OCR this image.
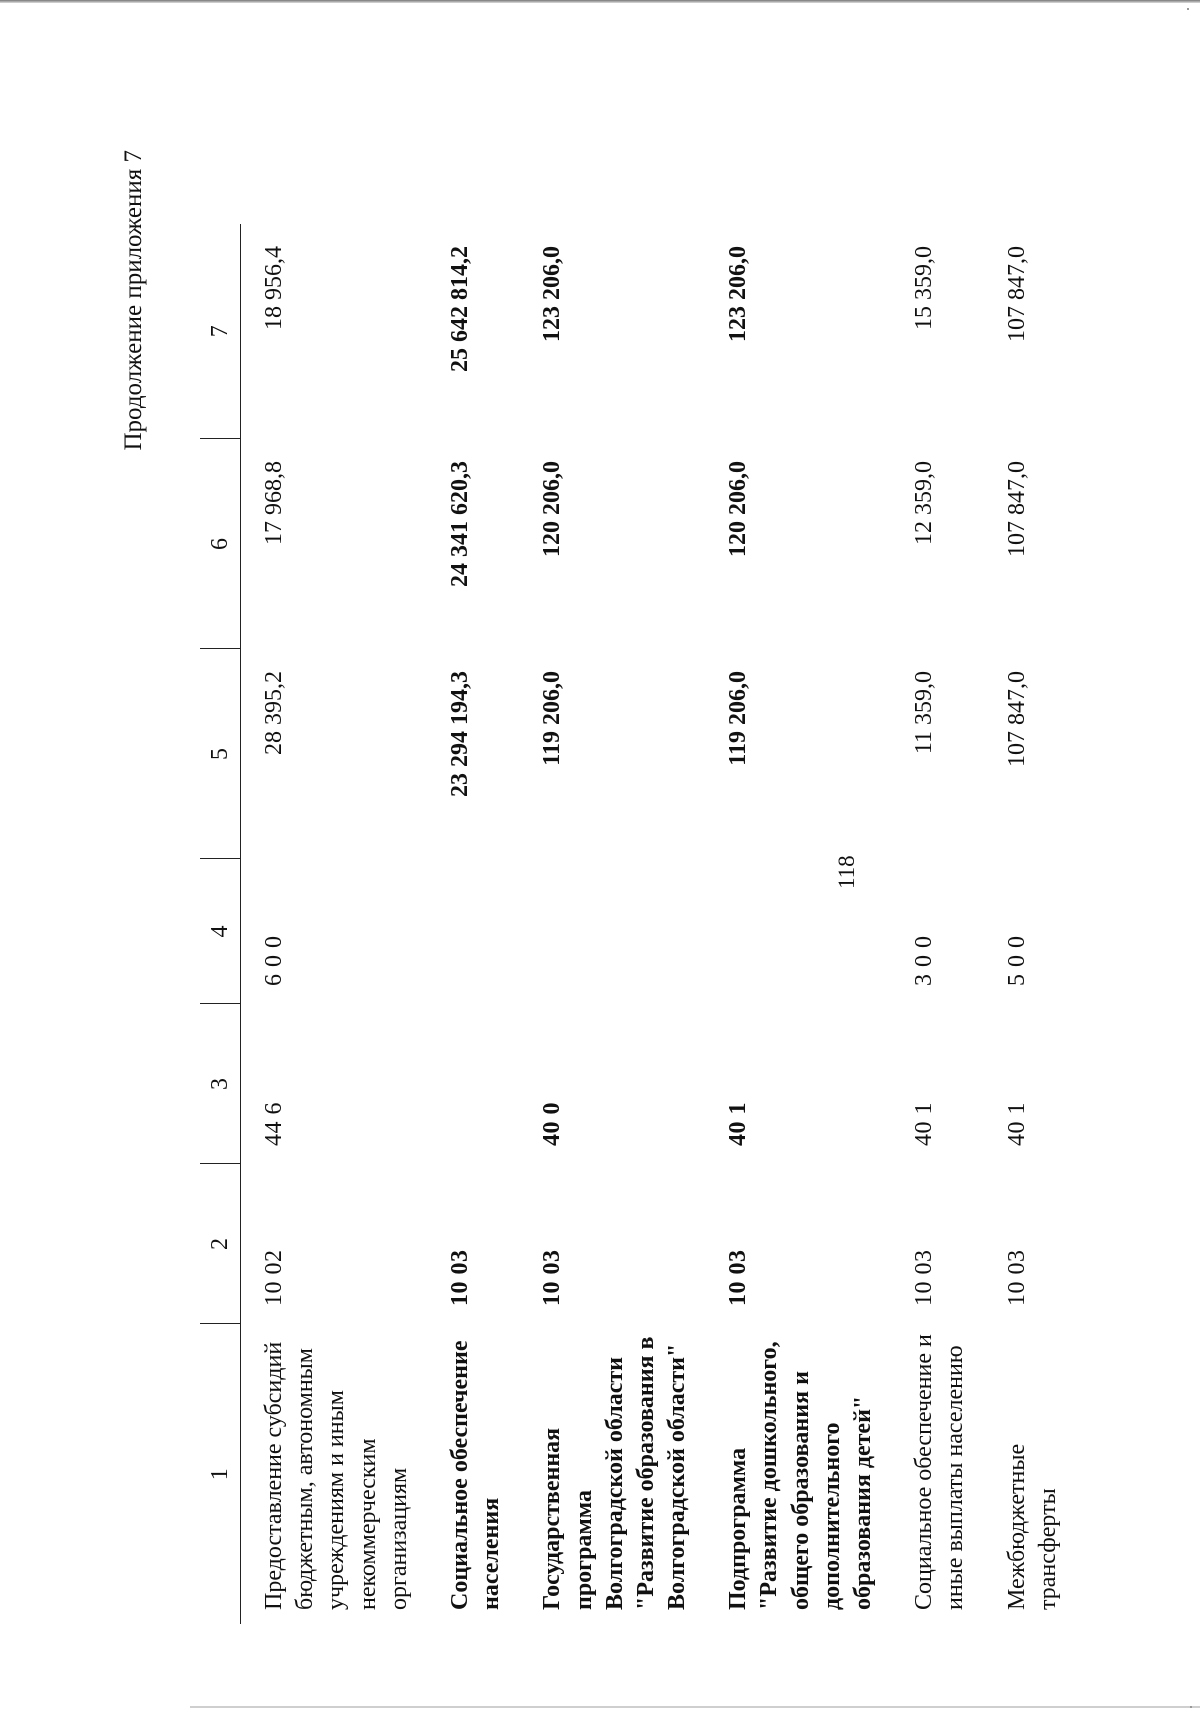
118
Продолжение приложения 7
1	2	3	4	5	6	7
Предоставление субсидий бюджетным, автономным учреждениям и иным некоммерческим организациям	10 02	44 6	6 0 0	28 395,2	17 968,8	18 956,4
Социальное обеспечение населения	10 03			23 294 194,3	24 341 620,3	25 642 814,2
Государственная программа Волгоградской области "Развитие образования в Волгоградской области"	10 03	40 0		119 206,0	120 206,0	123 206,0
Подпрограмма "Развитие дошкольного, общего образования и дополнительного образования детей"	10 03	40 1		119 206,0	120 206,0	123 206,0
Социальное обеспечение и иные выплаты населению	10 03	40 1	3 0 0	11 359,0	12 359,0	15 359,0
Межбюджетные трансферты	10 03	40 1	5 0 0	107 847,0	107 847,0	107 847,0
